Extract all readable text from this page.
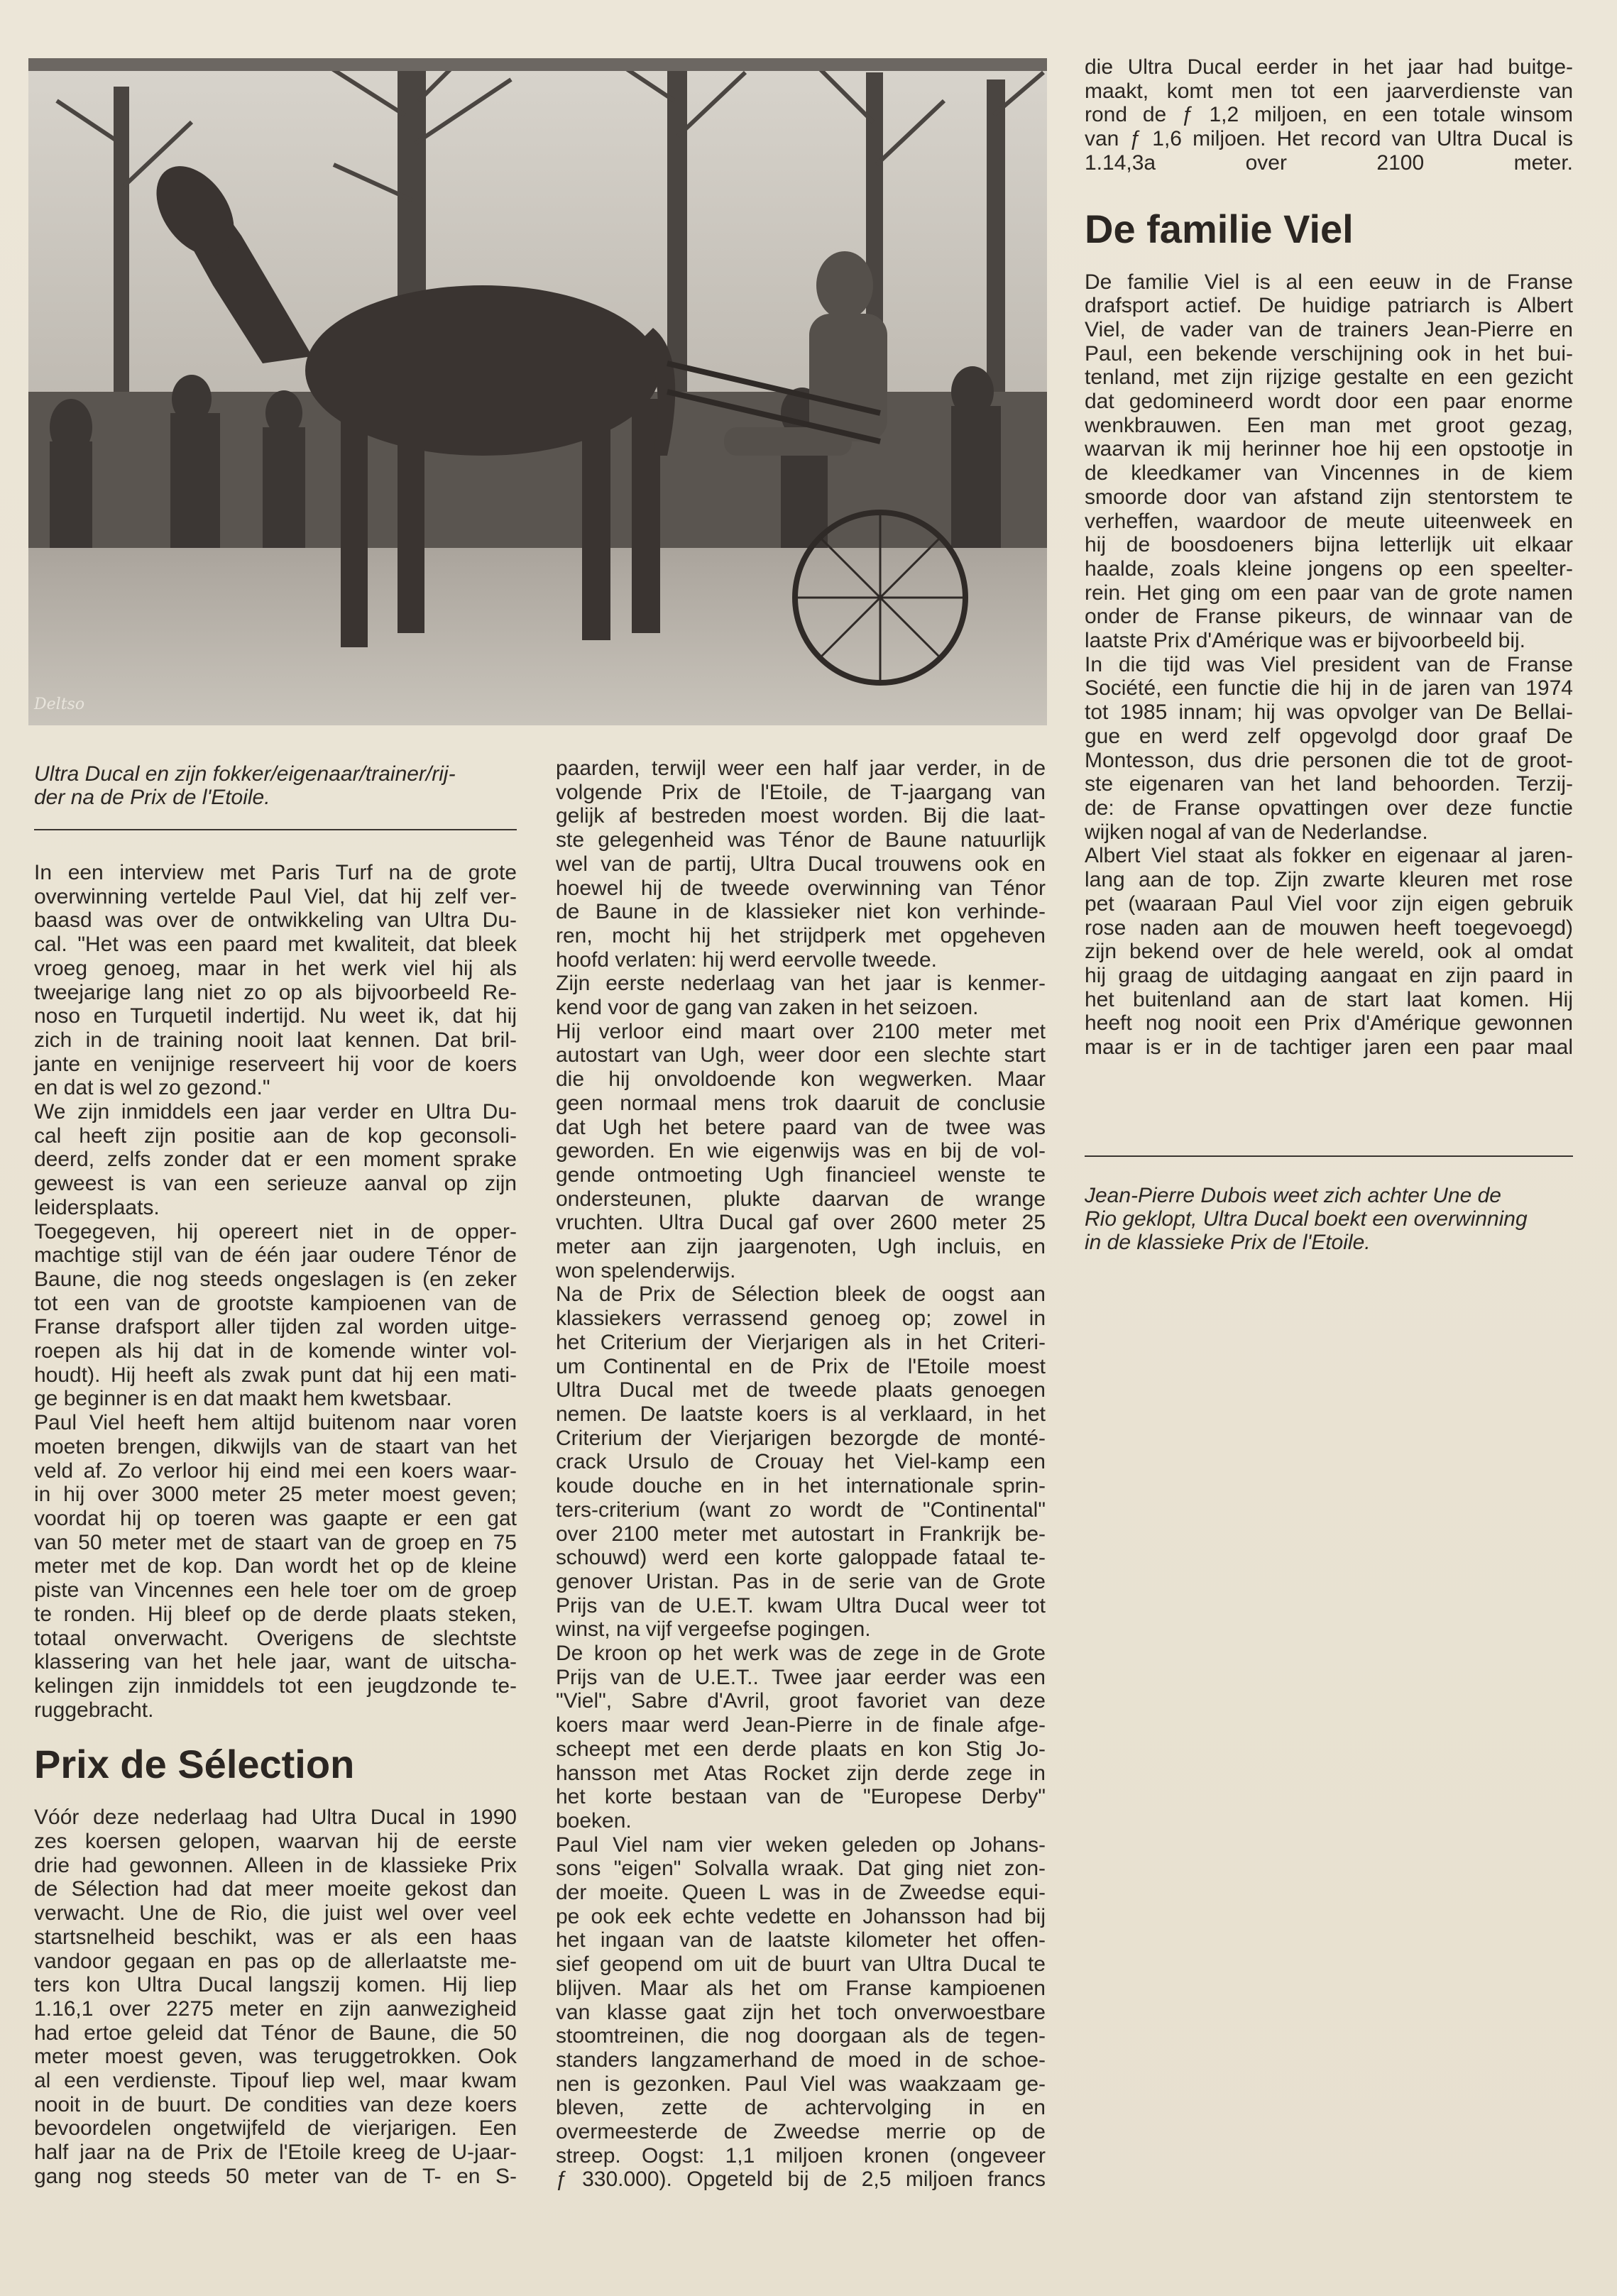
Deltso
Ultra Ducal en zijn fokker/eigenaar/trainer/rij-
der na de Prix de l'Etoile.

In een interview met Paris Turf na de grote

overwinning vertelde Paul Viel, dat hij zelf ver-

baasd was over de ontwikkeling van Ultra Du-

cal. "Het was een paard met kwaliteit, dat bleek

vroeg genoeg, maar in het werk viel hij als

tweejarige lang niet zo op als bijvoorbeeld Re-

noso en Turquetil indertijd. Nu weet ik, dat hij

zich in de training nooit laat kennen. Dat bril-

jante en venijnige reserveert hij voor de koers

en dat is wel zo gezond."

We zijn inmiddels een jaar verder en Ultra Du-

cal heeft zijn positie aan de kop geconsoli-

deerd, zelfs zonder dat er een moment sprake

geweest is van een serieuze aanval op zijn

leidersplaats.

Toegegeven, hij opereert niet in de opper-

machtige stijl van de één jaar oudere Ténor de

Baune, die nog steeds ongeslagen is (en zeker

tot een van de grootste kampioenen van de

Franse drafsport aller tijden zal worden uitge-

roepen als hij dat in de komende winter vol-

houdt). Hij heeft als zwak punt dat hij een mati-

ge beginner is en dat maakt hem kwetsbaar.

Paul Viel heeft hem altijd buitenom naar voren

moeten brengen, dikwijls van de staart van het

veld af. Zo verloor hij eind mei een koers waar-

in hij over 3000 meter 25 meter moest geven;

voordat hij op toeren was gaapte er een gat

van 50 meter met de staart van de groep en 75

meter met de kop. Dan wordt het op de kleine

piste van Vincennes een hele toer om de groep

te ronden. Hij bleef op de derde plaats steken,

totaal onverwacht. Overigens de slechtste

klassering van het hele jaar, want de uitscha-

kelingen zijn inmiddels tot een jeugdzonde te-

ruggebracht.

Prix de Sélection

Vóór deze nederlaag had Ultra Ducal in 1990

zes koersen gelopen, waarvan hij de eerste

drie had gewonnen. Alleen in de klassieke Prix

de Sélection had dat meer moeite gekost dan

verwacht. Une de Rio, die juist wel over veel

startsnelheid beschikt, was er als een haas

vandoor gegaan en pas op de allerlaatste me-

ters kon Ultra Ducal langszij komen. Hij liep

1.16,1 over 2275 meter en zijn aanwezigheid

had ertoe geleid dat Ténor de Baune, die 50

meter moest geven, was teruggetrokken. Ook

al een verdienste. Tipouf liep wel, maar kwam

nooit in de buurt. De condities van deze koers

bevoordelen ongetwijfeld de vierjarigen. Een

half jaar na de Prix de l'Etoile kreeg de U-jaar-

gang nog steeds 50 meter van de T- en S-

paarden, terwijl weer een half jaar verder, in de

volgende Prix de l'Etoile, de T-jaargang van

gelijk af bestreden moest worden. Bij die laat-

ste gelegenheid was Ténor de Baune natuurlijk

wel van de partij, Ultra Ducal trouwens ook en

hoewel hij de tweede overwinning van Ténor

de Baune in de klassieker niet kon verhinde-

ren, mocht hij het strijdperk met opgeheven

hoofd verlaten: hij werd eervolle tweede.

Zijn eerste nederlaag van het jaar is kenmer-

kend voor de gang van zaken in het seizoen.

Hij verloor eind maart over 2100 meter met

autostart van Ugh, weer door een slechte start

die hij onvoldoende kon wegwerken. Maar

geen normaal mens trok daaruit de conclusie

dat Ugh het betere paard van de twee was

geworden. En wie eigenwijs was en bij de vol-

gende ontmoeting Ugh financieel wenste te

ondersteunen, plukte daarvan de wrange

vruchten. Ultra Ducal gaf over 2600 meter 25

meter aan zijn jaargenoten, Ugh incluis, en

won spelenderwijs.

Na de Prix de Sélection bleek de oogst aan

klassiekers verrassend genoeg op; zowel in

het Criterium der Vierjarigen als in het Criteri-

um Continental en de Prix de l'Etoile moest

Ultra Ducal met de tweede plaats genoegen

nemen. De laatste koers is al verklaard, in het

Criterium der Vierjarigen bezorgde de monté-

crack Ursulo de Crouay het Viel-kamp een

koude douche en in het internationale sprin-

ters-criterium (want zo wordt de "Continental"

over 2100 meter met autostart in Frankrijk be-

schouwd) werd een korte galoppade fataal te-

genover Uristan. Pas in de serie van de Grote

Prijs van de U.E.T. kwam Ultra Ducal weer tot

winst, na vijf vergeefse pogingen.

De kroon op het werk was de zege in de Grote

Prijs van de U.E.T.. Twee jaar eerder was een

"Viel", Sabre d'Avril, groot favoriet van deze

koers maar werd Jean-Pierre in de finale afge-

scheept met een derde plaats en kon Stig Jo-

hansson met Atas Rocket zijn derde zege in

het korte bestaan van de "Europese Derby"

boeken.

Paul Viel nam vier weken geleden op Johans-

sons "eigen" Solvalla wraak. Dat ging niet zon-

der moeite. Queen L was in de Zweedse equi-

pe ook eek echte vedette en Johansson had bij

het ingaan van de laatste kilometer het offen-

sief geopend om uit de buurt van Ultra Ducal te

blijven. Maar als het om Franse kampioenen

van klasse gaat zijn het toch onverwoestbare

stoomtreinen, die nog doorgaan als de tegen-

standers langzamerhand de moed in de schoe-

nen is gezonken. Paul Viel was waakzaam ge-

bleven, zette de achtervolging in en

overmeesterde de Zweedse merrie op de

streep. Oogst: 1,1 miljoen kronen (ongeveer

ƒ 330.000). Opgeteld bij de 2,5 miljoen francs

die Ultra Ducal eerder in het jaar had buitge-

maakt, komt men tot een jaarverdienste van

rond de ƒ 1,2 miljoen, en een totale winsom

van ƒ 1,6 miljoen. Het record van Ultra Ducal is

1.14,3a over 2100 meter.

De familie Viel

De familie Viel is al een eeuw in de Franse

drafsport actief. De huidige patriarch is Albert

Viel, de vader van de trainers Jean-Pierre en

Paul, een bekende verschijning ook in het bui-

tenland, met zijn rijzige gestalte en een gezicht

dat gedomineerd wordt door een paar enorme

wenkbrauwen. Een man met groot gezag,

waarvan ik mij herinner hoe hij een opstootje in

de kleedkamer van Vincennes in de kiem

smoorde door van afstand zijn stentorstem te

verheffen, waardoor de meute uiteenweek en

hij de boosdoeners bijna letterlijk uit elkaar

haalde, zoals kleine jongens op een speelter-

rein. Het ging om een paar van de grote namen

onder de Franse pikeurs, de winnaar van de

laatste Prix d'Amérique was er bijvoorbeeld bij.

In die tijd was Viel president van de Franse

Société, een functie die hij in de jaren van 1974

tot 1985 innam; hij was opvolger van De Bellai-

gue en werd zelf opgevolgd door graaf De

Montesson, dus drie personen die tot de groot-

ste eigenaren van het land behoorden. Terzij-

de: de Franse opvattingen over deze functie

wijken nogal af van de Nederlandse.

Albert Viel staat als fokker en eigenaar al jaren-

lang aan de top. Zijn zwarte kleuren met rose

pet (waaraan Paul Viel voor zijn eigen gebruik

rose naden aan de mouwen heeft toegevoegd)

zijn bekend over de hele wereld, ook al omdat

hij graag de uitdaging aangaat en zijn paard in

het buitenland aan de start laat komen. Hij

heeft nog nooit een Prix d'Amérique gewonnen

maar is er in de tachtiger jaren een paar maal

Jean-Pierre Dubois weet zich achter Une de
Rio geklopt, Ultra Ducal boekt een overwinning
in de klassieke Prix de l'Etoile.
